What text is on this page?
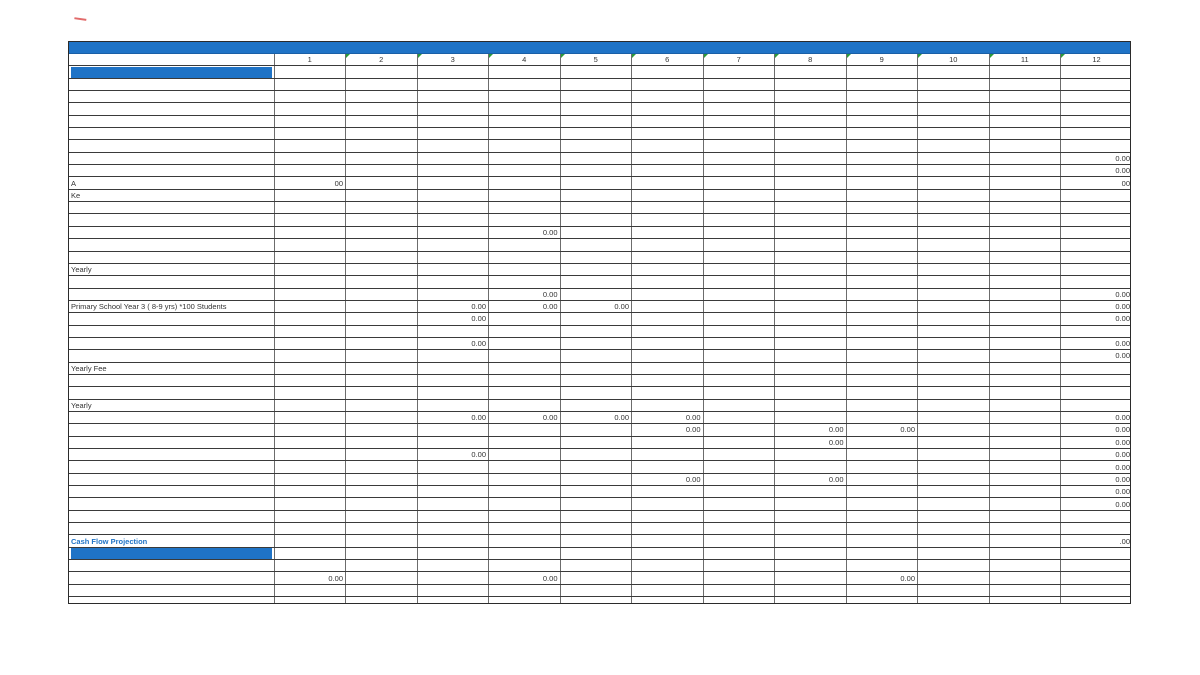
	1	2	3	4	5	6	7	8	9	10	11	12

												0.00
												0.00
A	00											00
Ke												

				0.00								

Yearly												

				0.00								0.00
Primary School Year 3 ( 8-9 yrs) *100 Students			0.00	0.00	0.00							0.00
			0.00									0.00

			0.00									0.00
												0.00
Yearly Fee												

Yearly												
			0.00	0.00	0.00	0.00						0.00
						0.00		0.00	0.00			0.00
								0.00				0.00
			0.00									0.00
												0.00
						0.00		0.00				0.00
												0.00
												0.00

Cash Flow Projection												.00

	0.00			0.00					0.00			
